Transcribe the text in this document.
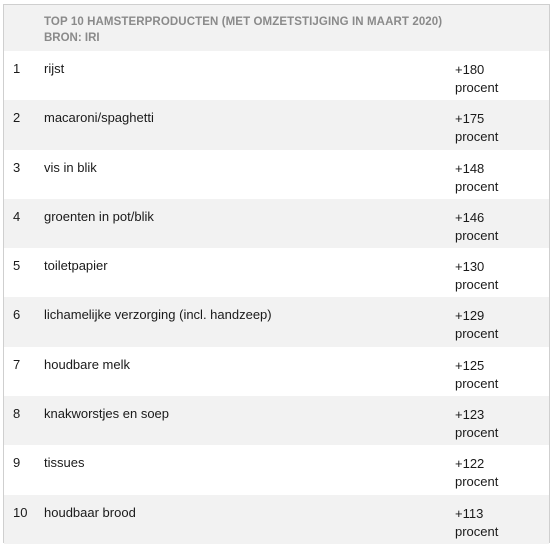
TOP 10 HAMSTERPRODUCTEN (MET OMZETSTIJGING IN MAART 2020)
BRON: IRI
1 rijst	+180
procent
2 macaroni/spaghetti	+175
procent
3 vis in blik	+148
procent
4 groenten in pot/blik	+146
procent
5 toiletpapier	+130
procent
6 lichamelijke verzorging (incl. handzeep)	+129
procent
7 houdbare melk	+125
procent
8 knakworstjes en soep	+123
procent
9 tissues	+122
procent
10 houdbaar brood	+113
procent
